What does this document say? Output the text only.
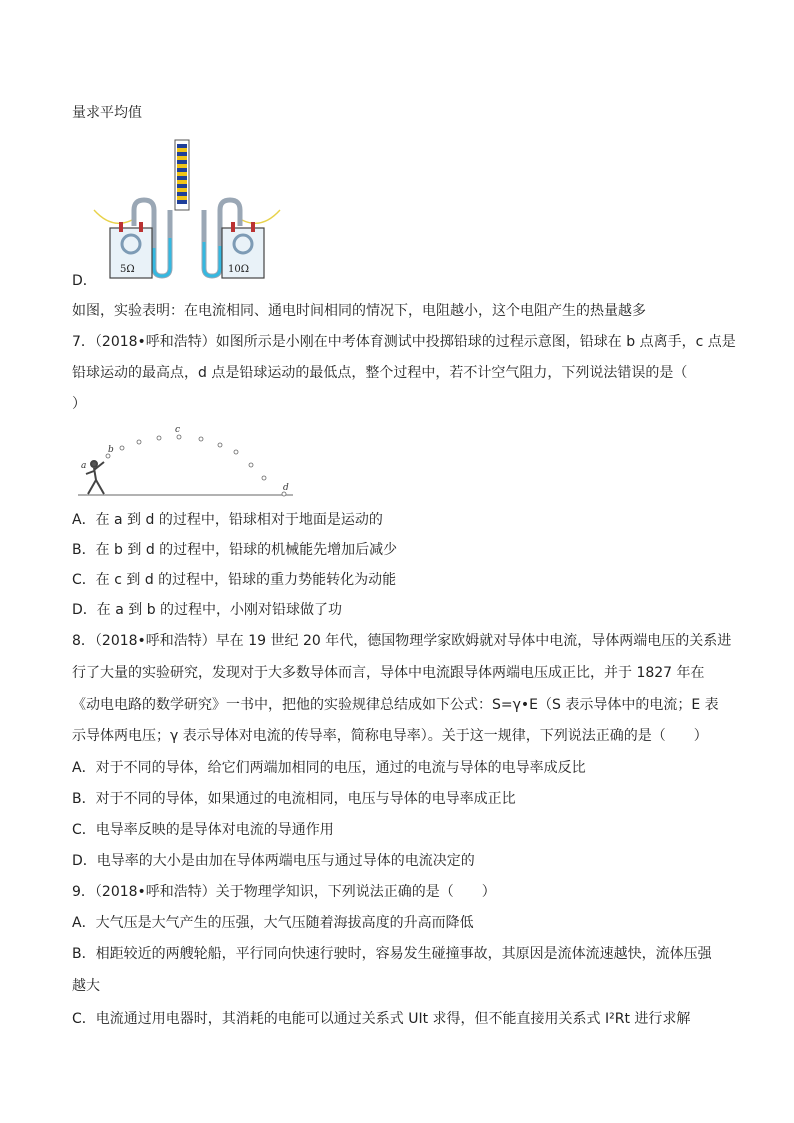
量求平均值
5Ω	10Ω
D．
如图，实验表明：在电流相同、通电时间相同的情况下，电阻越小，这个电阻产生的热量越多
7．（2018•呼和浩特）如图所示是小刚在中考体育测试中投掷铅球的过程示意图，铅球在 b 点离手，c 点是
铅球运动的最高点，d 点是铅球运动的最低点，整个过程中，若不计空气阻力，下列说法错误的是（
）
a
b
c
d
A．在 a 到 d 的过程中，铅球相对于地面是运动的
B．在 b 到 d 的过程中，铅球的机械能先增加后减少
C．在 c 到 d 的过程中，铅球的重力势能转化为动能
D．在 a 到 b 的过程中，小刚对铅球做了功
8．（2018•呼和浩特）早在 19 世纪 20 年代，德国物理学家欧姆就对导体中电流，导体两端电压的关系进
行了大量的实验研究，发现对于大多数导体而言，导体中电流跟导体两端电压成正比，并于 1827 年在
《动电电路的数学研究》一书中，把他的实验规律总结成如下公式：S=γ•E（S 表示导体中的电流；E 表
示导体两电压；γ 表示导体对电流的传导率，简称电导率）。关于这一规律，下列说法正确的是（　　）
A．对于不同的导体，给它们两端加相同的电压，通过的电流与导体的电导率成反比
B．对于不同的导体，如果通过的电流相同，电压与导体的电导率成正比
C．电导率反映的是导体对电流的导通作用
D．电导率的大小是由加在导体两端电压与通过导体的电流决定的
9．（2018•呼和浩特）关于物理学知识，下列说法正确的是（　　）
A．大气压是大气产生的压强，大气压随着海拔高度的升高而降低
B．相距较近的两艘轮船，平行同向快速行驶时，容易发生碰撞事故，其原因是流体流速越快，流体压强
越大
C．电流通过用电器时，其消耗的电能可以通过关系式 UIt 求得，但不能直接用关系式 I²Rt 进行求解
